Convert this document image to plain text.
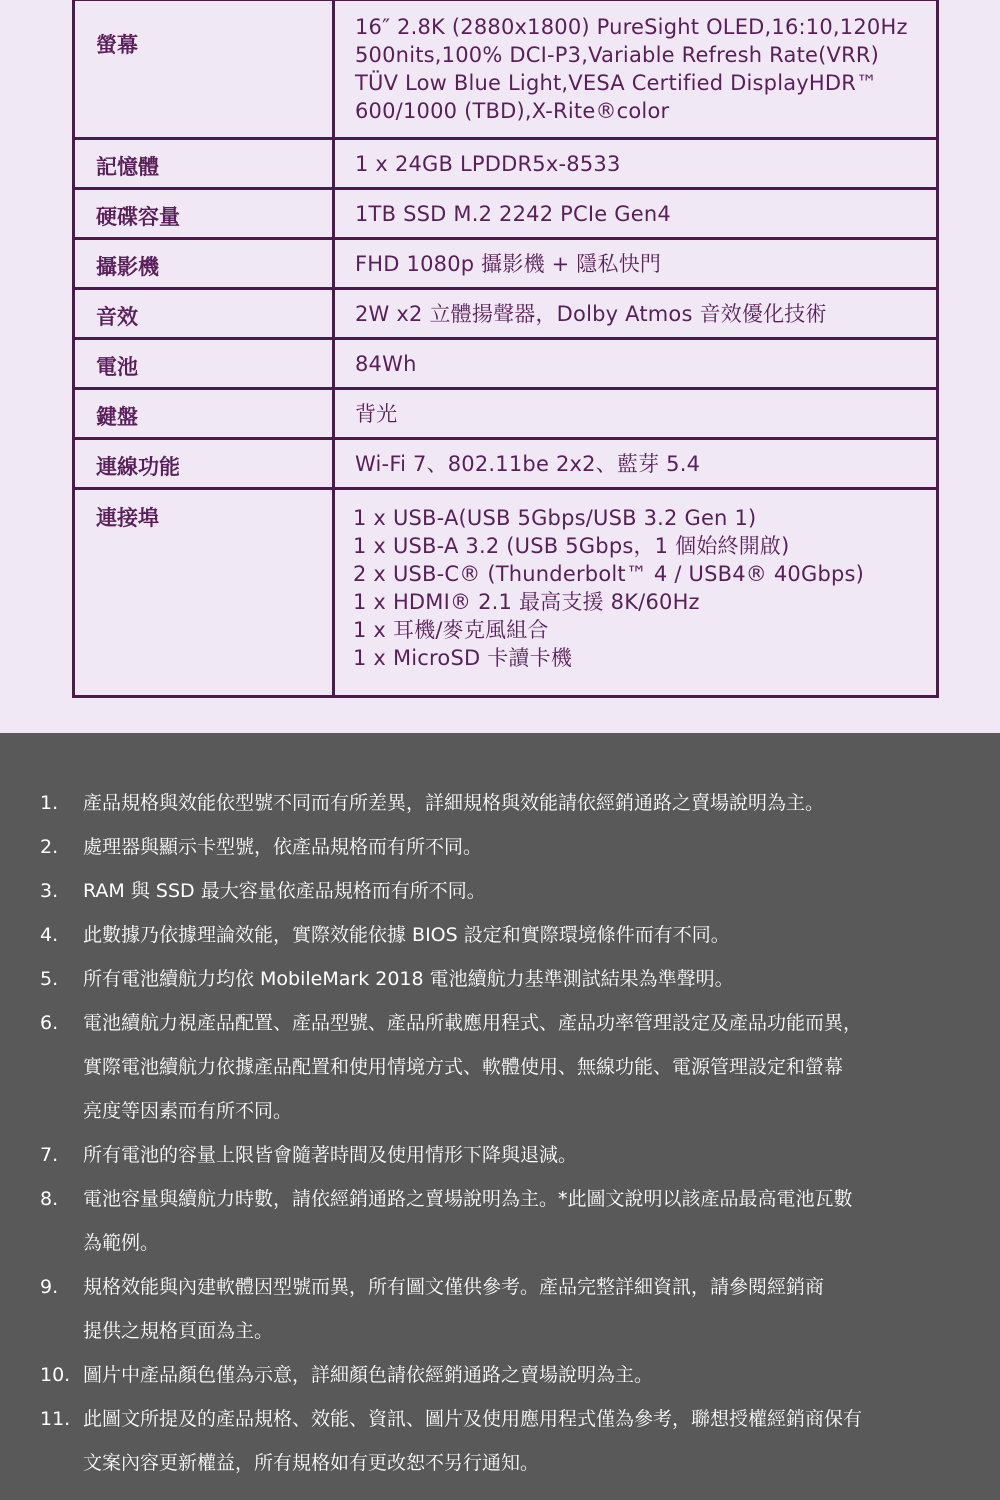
螢幕	16″ 2.8K (2880x1800) PureSight OLED,16:10,120Hz
500nits,100% DCI-P3,Variable Refresh Rate(VRR)
TÜV Low Blue Light,VESA Certified DisplayHDR™
600/1000 (TBD),X-Rite®color

記憶體	1 x 24GB LPDDR5x-8533

硬碟容量	1TB SSD M.2 2242 PCIe Gen4

攝影機	FHD 1080p 攝影機 + 隱私快門

音效	2W x2 立體揚聲器，Dolby Atmos 音效優化技術

電池	84Wh

鍵盤	背光

連線功能	Wi-Fi 7、802.11be 2x2、藍芽 5.4

連接埠	1 x USB-A(USB 5Gbps/USB 3.2 Gen 1)
1 x USB-A 3.2 (USB 5Gbps，1 個始終開啟)
2 x USB-C® (Thunderbolt™ 4 / USB4® 40Gbps)
1 x HDMI® 2.1 最高支援 8K/60Hz
1 x 耳機/麥克風組合
1 x MicroSD 卡讀卡機
1.	產品規格與效能依型號不同而有所差異，詳細規格與效能請依經銷通路之賣場說明為主。
2.	處理器與顯示卡型號，依產品規格而有所不同。
3.	RAM 與 SSD 最大容量依產品規格而有所不同。
4.	此數據乃依據理論效能，實際效能依據 BIOS 設定和實際環境條件而有不同。
5.	所有電池續航力均依 MobileMark 2018 電池續航力基準測試結果為準聲明。
6.	電池續航力視產品配置、產品型號、產品所載應用程式、產品功率管理設定及產品功能而異，
實際電池續航力依據產品配置和使用情境方式、軟體使用、無線功能、電源管理設定和螢幕
亮度等因素而有所不同。
7.	所有電池的容量上限皆會隨著時間及使用情形下降與退減。
8.	電池容量與續航力時數，請依經銷通路之賣場說明為主。*此圖文說明以該產品最高電池瓦數
為範例。
9.	規格效能與內建軟體因型號而異，所有圖文僅供參考。產品完整詳細資訊，請參閱經銷商
提供之規格頁面為主。
10. 圖片中產品顏色僅為示意，詳細顏色請依經銷通路之賣場說明為主。
11. 此圖文所提及的產品規格、效能、資訊、圖片及使用應用程式僅為參考，聯想授權經銷商保有
文案內容更新權益，所有規格如有更改恕不另行通知。
